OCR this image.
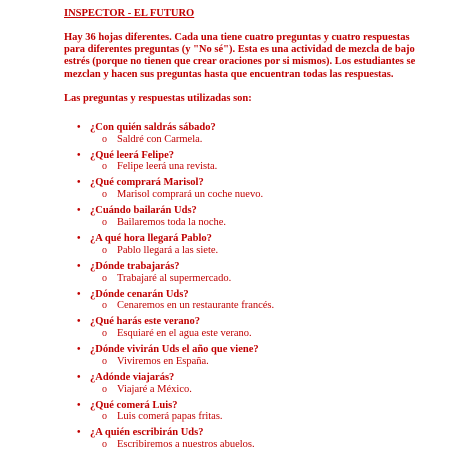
INSPECTOR - EL FUTURO
Hay 36 hojas diferentes. Cada una tiene cuatro preguntas y cuatro respuestas para diferentes preguntas (y "No sé"). Esta es una actividad de mezcla de bajo estrés (porque no tienen que crear oraciones por si mismos). Los estudiantes se mezclan y hacen sus preguntas hasta que encuentran todas las respuestas.
Las preguntas y respuestas utilizadas son:
• ¿Con quién saldrás sábado?
o Saldré con Carmela.
• ¿Qué leerá Felipe?
o Felipe leerá una revista.
• ¿Qué comprará Marisol?
o Marisol comprará un coche nuevo.
• ¿Cuándo bailarán Uds?
o Bailaremos toda la noche.
• ¿A qué hora llegará Pablo?
o Pablo llegará a las siete.
• ¿Dónde trabajarás?
o Trabajaré al supermercado.
• ¿Dónde cenarán Uds?
o Cenaremos en un restaurante francés.
• ¿Qué harás este verano?
o Esquiaré en el agua este verano.
• ¿Dónde vivirán Uds el año que viene?
o Viviremos en España.
• ¿Adónde viajarás?
o Viajaré a México.
• ¿Qué comerá Luis?
o Luis comerá papas fritas.
• ¿A quién escribirán Uds?
o Escribiremos a nuestros abuelos.
